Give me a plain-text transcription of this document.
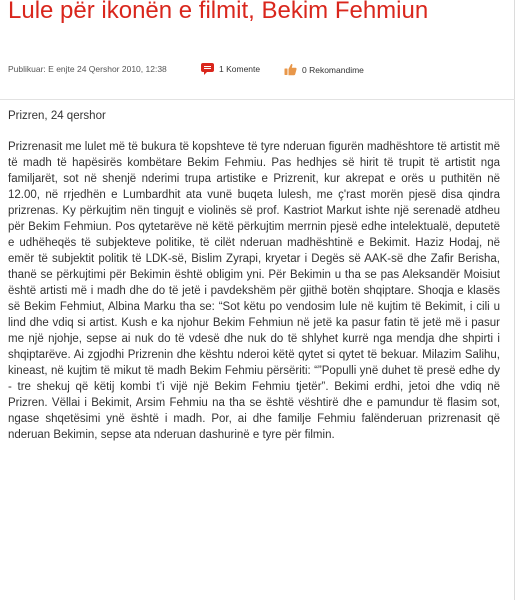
Lule për ikonën e filmit, Bekim Fehmiun
Publikuar: E enjte 24 Qershor 2010, 12:38	1 Komente	0 Rekomandime

Prizren, 24 qershor

Prizrenasit me lulet më të bukura të kopshteve të tyre nderuan figurën madhështore të artistit më të madh të hapësirës kombëtare Bekim Fehmiu. Pas hedhjes së hirit të trupit të artistit nga familjarët, sot në shenjë nderimi trupa artistike e Prizrenit, kur akrepat e orës u puthitën në 12.00, në rrjedhën e Lumbardhit ata vunë buqeta lulesh, me ç'rast morën pjesë disa qindra prizrenas. Ky përkujtim nën tingujt e violinës së prof. Kastriot Markut ishte një serenadë atdheu për Bekim Fehmiun. Pos qytetarëve në këtë përkujtim merrnin pjesë edhe intelektualë, deputetë e udhëheqës të subjekteve politike, të cilët nderuan madhështinë e Bekimit. Haziz Hodaj, në emër të subjektit politik të LDK-së, Bislim Zyrapi, kryetar i Degës së AAK-së dhe Zafir Berisha, thanë se përkujtimi për Bekimin është obligim yni. Për Bekimin u tha se pas Aleksandër Moisiut është artisti më i madh dhe do të jetë i pavdekshëm për gjithë botën shqiptare. Shoqja e klasës së Bekim Fehmiut, Albina Marku tha se: “Sot këtu po vendosim lule në kujtim të Bekimit, i cili u lind dhe vdiq si artist. Kush e ka njohur Bekim Fehmiun në jetë ka pasur fatin të jetë më i pasur me një njohje, sepse ai nuk do të vdesë dhe nuk do të shlyhet kurrë nga mendja dhe shpirti i shqiptarëve. Ai zgjodhi Prizrenin dhe kështu nderoi këtë qytet si qytet të bekuar. Milazim Salihu, kineast, në kujtim të mikut të madh Bekim Fehmiu përsëriti: “”Populli ynë duhet të presë edhe dy - tre shekuj që këtij kombi t’i vijë një Bekim Fehmiu tjetër”. Bekimi erdhi, jetoi dhe vdiq në Prizren. Vëllai i Bekimit, Arsim Fehmiu na tha se është vështirë dhe e pamundur të flasim sot, ngase shqetësimi ynë është i madh. Por, ai dhe familje Fehmiu falënderuan prizrenasit që nderuan Bekimin, sepse ata nderuan dashurinë e tyre për filmin.
